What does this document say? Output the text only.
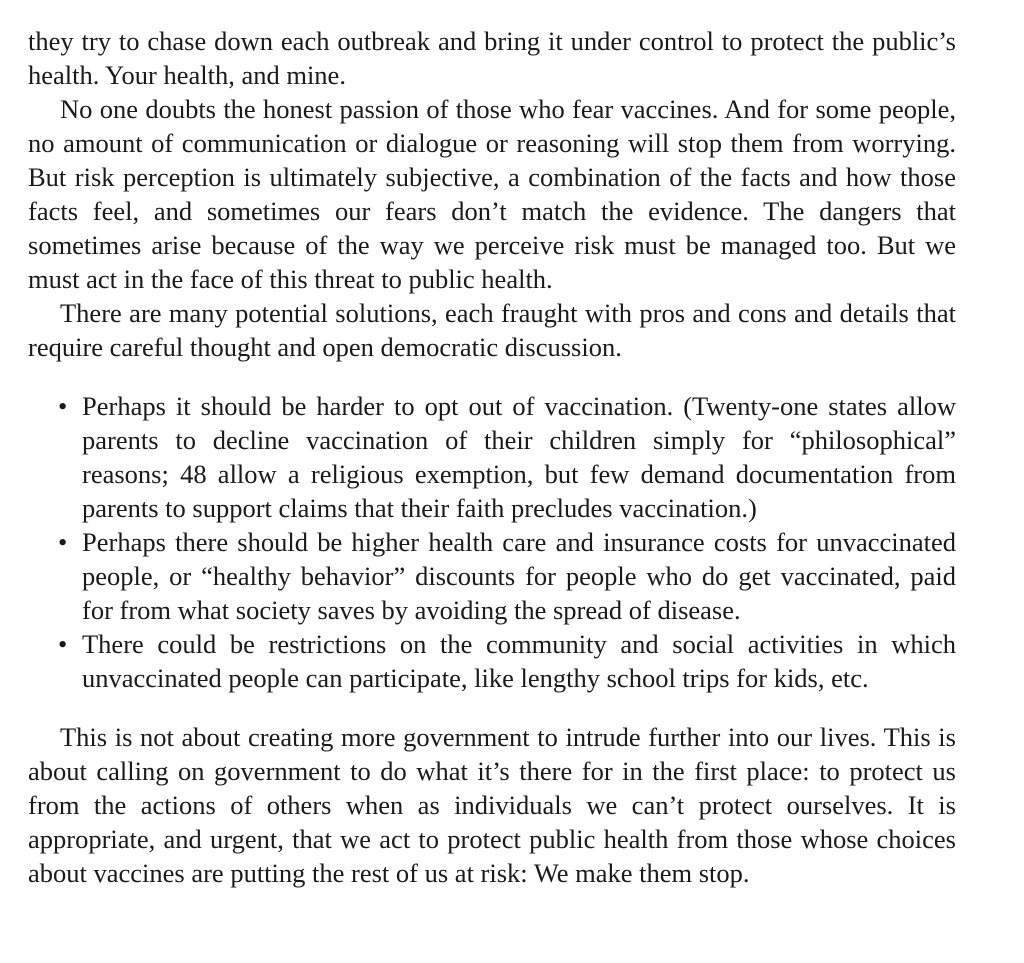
they try to chase down each outbreak and bring it under control to protect the public’s health. Your health, and mine.

No one doubts the honest passion of those who fear vaccines. And for some people, no amount of communication or dialogue or reasoning will stop them from worrying. But risk perception is ultimately subjective, a combination of the facts and how those facts feel, and sometimes our fears don’t match the evidence. The dangers that sometimes arise because of the way we perceive risk must be managed too. But we must act in the face of this threat to public health.

There are many potential solutions, each fraught with pros and cons and details that require careful thought and open democratic discussion.

• Perhaps it should be harder to opt out of vaccination. (Twenty-one states allow parents to decline vaccination of their children simply for “philosophical” reasons; 48 allow a religious exemption, but few demand documentation from parents to support claims that their faith precludes vaccination.)
• Perhaps there should be higher health care and insurance costs for unvaccinated people, or “healthy behavior” discounts for people who do get vaccinated, paid for from what society saves by avoiding the spread of disease.
• There could be restrictions on the community and social activities in which unvaccinated people can participate, like lengthy school trips for kids, etc.

This is not about creating more government to intrude further into our lives. This is about calling on government to do what it’s there for in the first place: to protect us from the actions of others when as individuals we can’t protect ourselves. It is appropriate, and urgent, that we act to protect public health from those whose choices about vaccines are putting the rest of us at risk: We make them stop.
